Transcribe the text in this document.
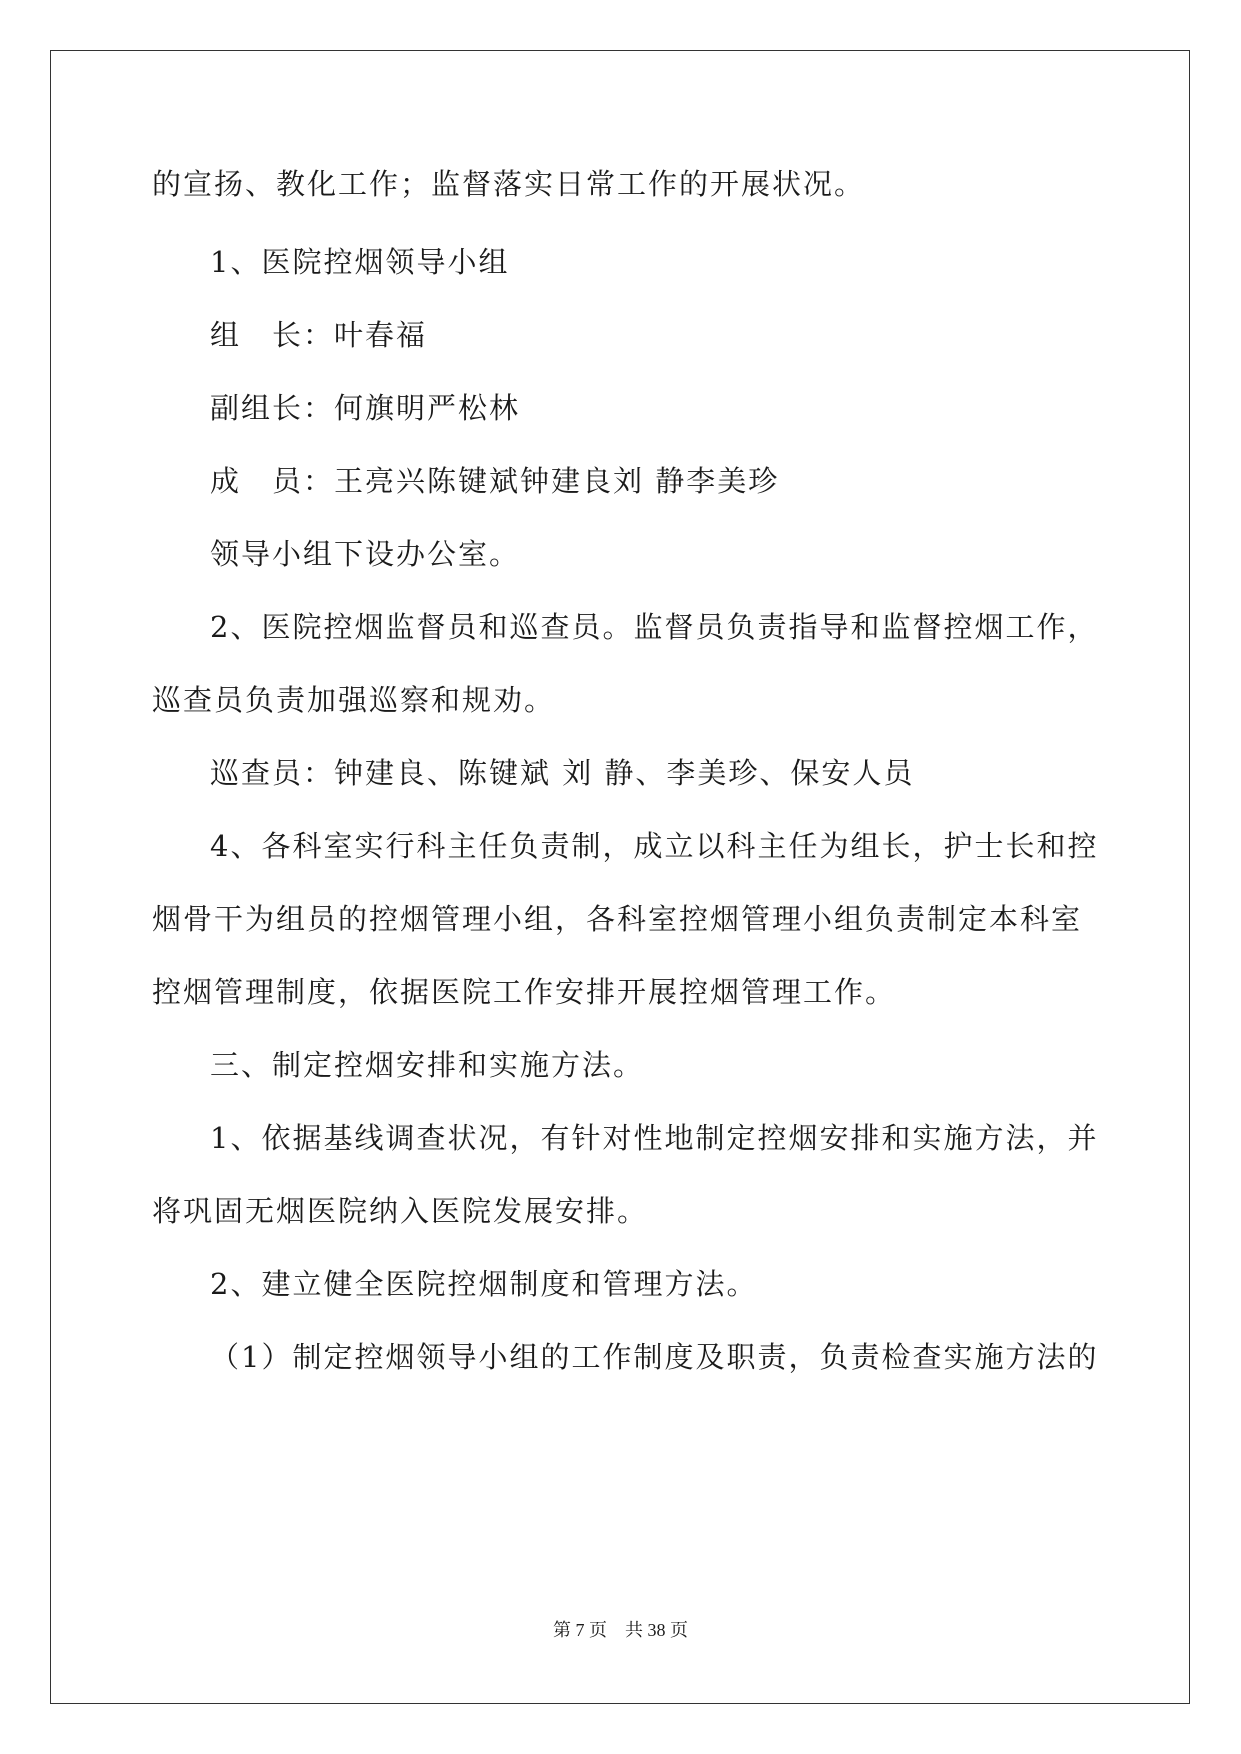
的宣扬、教化工作；监督落实日常工作的开展状况。
1、医院控烟领导小组
组　长：叶春福
副组长：何旗明严松林
成　员：王亮兴陈键斌钟建良刘 静李美珍
领导小组下设办公室。
2、医院控烟监督员和巡查员。监督员负责指导和监督控烟工作，
巡查员负责加强巡察和规劝。
巡查员：钟建良、陈键斌 刘 静、李美珍、保安人员
4、各科室实行科主任负责制，成立以科主任为组长，护士长和控
烟骨干为组员的控烟管理小组，各科室控烟管理小组负责制定本科室
控烟管理制度，依据医院工作安排开展控烟管理工作。
三、制定控烟安排和实施方法。
1、依据基线调查状况，有针对性地制定控烟安排和实施方法，并
将巩固无烟医院纳入医院发展安排。
2、建立健全医院控烟制度和管理方法。
（1）制定控烟领导小组的工作制度及职责，负责检查实施方法的
第 7 页　共 38 页
